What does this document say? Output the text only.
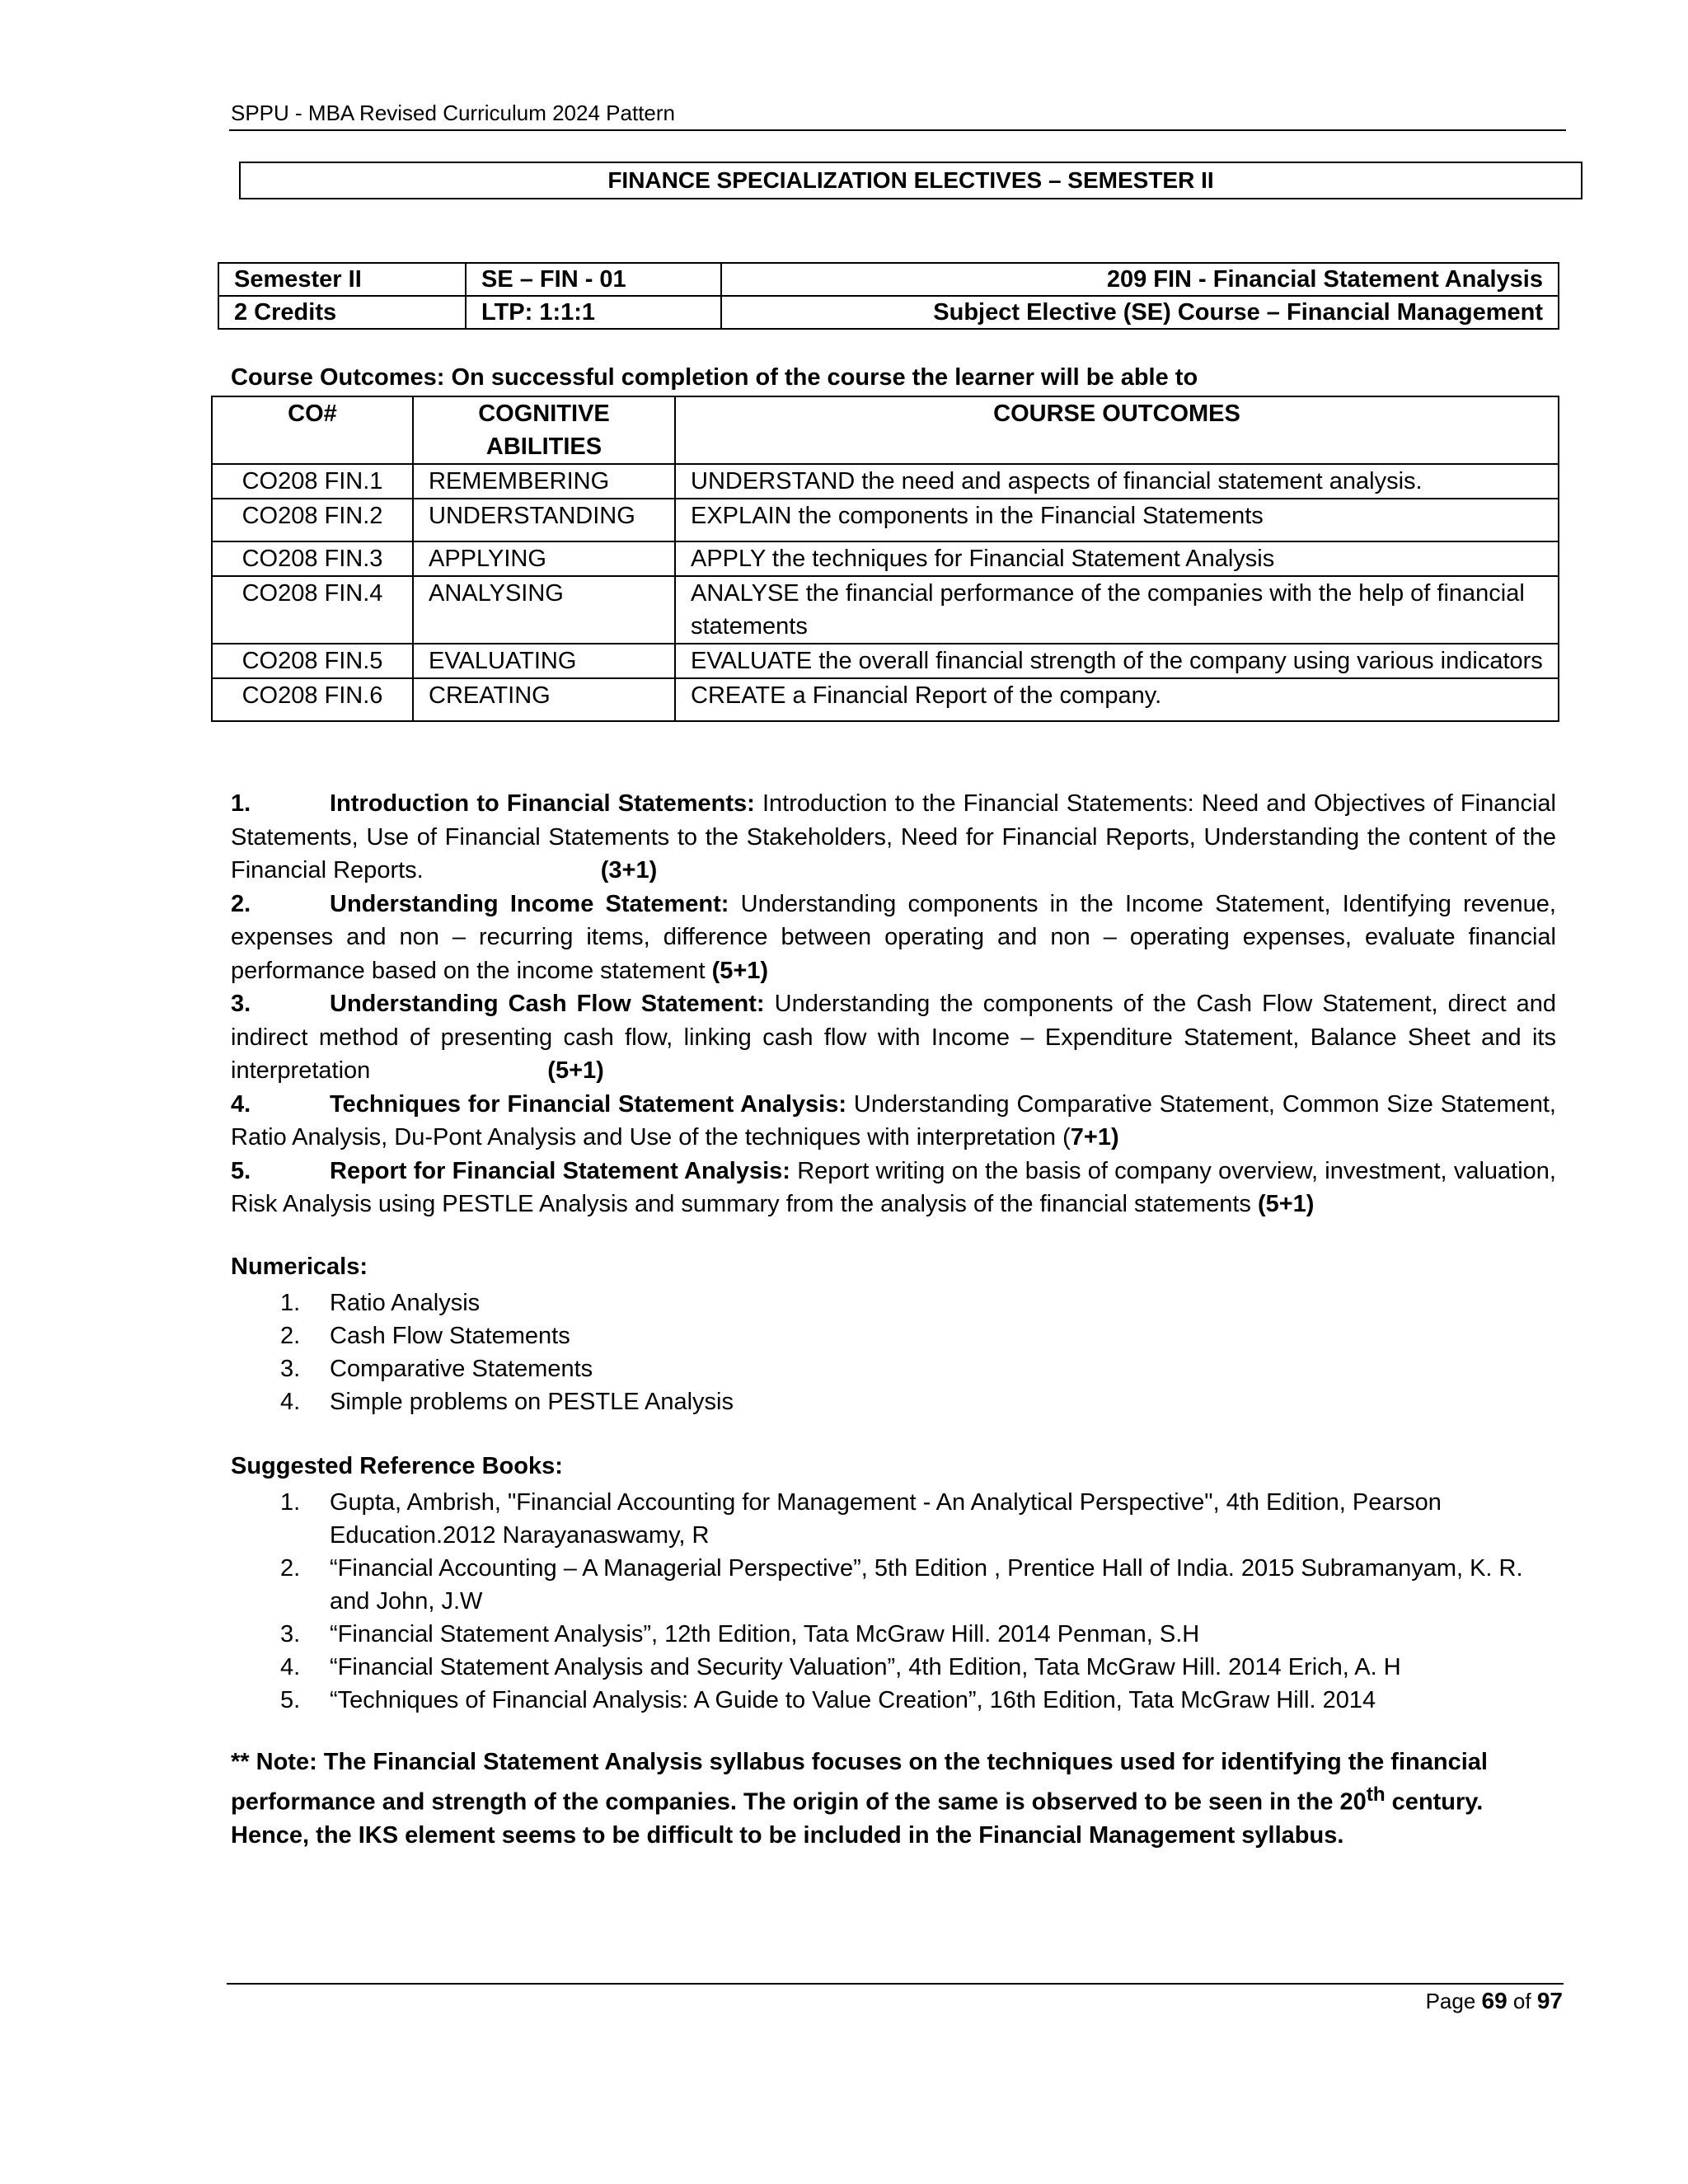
SPPU - MBA Revised Curriculum 2024 Pattern
FINANCE SPECIALIZATION ELECTIVES – SEMESTER II
Semester II	SE – FIN - 01	209 FIN - Financial Statement Analysis
2 Credits	LTP: 1:1:1	Subject Elective (SE) Course – Financial Management
Course Outcomes: On successful completion of the course the learner will be able to
CO#	COGNITIVE ABILITIES	COURSE OUTCOMES
CO208 FIN.1	REMEMBERING	UNDERSTAND the need and aspects of financial statement analysis.
CO208 FIN.2	UNDERSTANDING	EXPLAIN the components in the Financial Statements
CO208 FIN.3	APPLYING	APPLY the techniques for Financial Statement Analysis
CO208 FIN.4	ANALYSING	ANALYSE the financial performance of the companies with the help of financial statements
CO208 FIN.5	EVALUATING	EVALUATE the overall financial strength of the company using various indicators
CO208 FIN.6	CREATING	CREATE a Financial Report of the company.
1.	Introduction to Financial Statements: Introduction to the Financial Statements: Need and Objectives of Financial Statements, Use of Financial Statements to the Stakeholders, Need for Financial Reports, Understanding the content of the Financial Reports.	(3+1)
2.	Understanding Income Statement: Understanding components in the Income Statement, Identifying revenue, expenses and non – recurring items, difference between operating and non – operating expenses, evaluate financial performance based on the income statement (5+1)
3.	Understanding Cash Flow Statement: Understanding the components of the Cash Flow Statement, direct and indirect method of presenting cash flow, linking cash flow with Income – Expenditure Statement, Balance Sheet and its interpretation	(5+1)
4.	Techniques for Financial Statement Analysis: Understanding Comparative Statement, Common Size Statement, Ratio Analysis, Du-Pont Analysis and Use of the techniques with interpretation (7+1)
5.	Report for Financial Statement Analysis: Report writing on the basis of company overview, investment, valuation, Risk Analysis using PESTLE Analysis and summary from the analysis of the financial statements (5+1)
Numericals:
1.	Ratio Analysis
2.	Cash Flow Statements
3.	Comparative Statements
4.	Simple problems on PESTLE Analysis
Suggested Reference Books:
1.	Gupta, Ambrish, "Financial Accounting for Management - An Analytical Perspective", 4th Edition, Pearson Education.2012 Narayanaswamy, R
2.	“Financial Accounting – A Managerial Perspective”, 5th Edition , Prentice Hall of India. 2015 Subramanyam, K. R. and John, J.W
3.	“Financial Statement Analysis”, 12th Edition, Tata McGraw Hill. 2014 Penman, S.H
4.	“Financial Statement Analysis and Security Valuation”, 4th Edition, Tata McGraw Hill. 2014 Erich, A. H
5.	“Techniques of Financial Analysis: A Guide to Value Creation”, 16th Edition, Tata McGraw Hill. 2014
** Note: The Financial Statement Analysis syllabus focuses on the techniques used for identifying the financial performance and strength of the companies. The origin of the same is observed to be seen in the 20th century. Hence, the IKS element seems to be difficult to be included in the Financial Management syllabus.
Page 69 of 97
